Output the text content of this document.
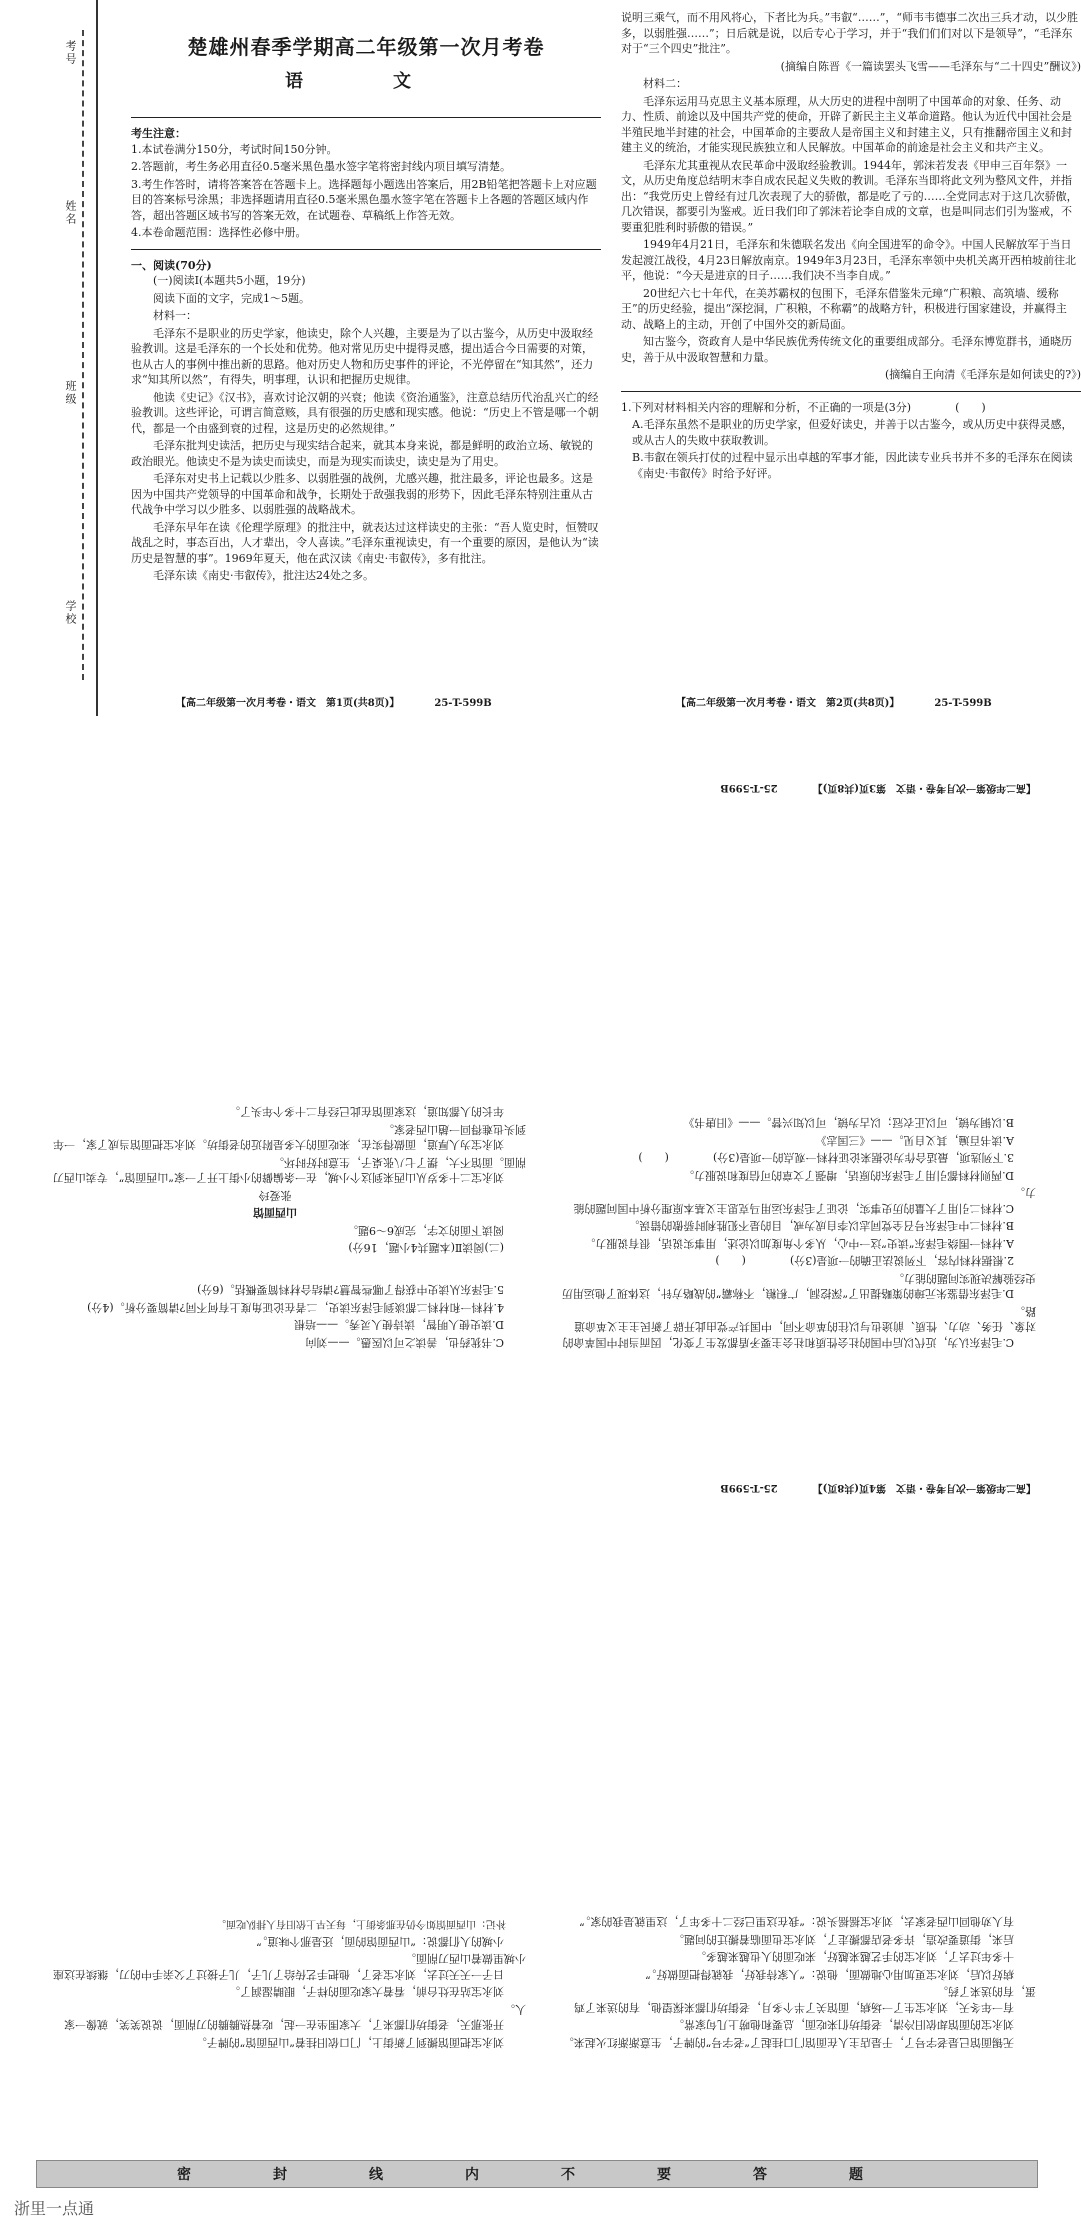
考号
姓名
班级
学校
楚雄州春季学期高二年级第一次月考卷
语　文
考生注意：

1.本试卷满分150分，考试时间150分钟。

2.答题前，考生务必用直径0.5毫米黑色墨水签字笔将密封线内项目填写清楚。

3.考生作答时，请将答案答在答题卡上。选择题每小题选出答案后，用2B铅笔把答题卡上对应题目的答案标号涂黑；非选择题请用直径0.5毫米黑色墨水签字笔在答题卡上各题的答题区域内作答，超出答题区域书写的答案无效，在试题卷、草稿纸上作答无效。

4.本卷命题范围：选择性必修中册。

一、阅读(70分)

(一)阅读Ⅰ(本题共5小题，19分)

阅读下面的文字，完成1～5题。

材料一：

毛泽东不是职业的历史学家，他读史，除个人兴趣，主要是为了以古鉴今，从历史中汲取经验教训。这是毛泽东的一个长处和优势。他对常见历史中提得灵感，提出适合今日需要的对策，也从古人的事例中推出新的思路。他对历史人物和历史事件的评论，不光停留在“知其然”，还力求“知其所以然”，有得失，明事理，认识和把握历史规律。

他读《史记》《汉书》，喜欢讨论汉朝的兴衰；他读《资治通鉴》，注意总结历代治乱兴亡的经验教训。这些评论，可谓言简意赅，具有很强的历史感和现实感。他说：“历史上不管是哪一个朝代，都是一个由盛到衰的过程，这是历史的必然规律。”

毛泽东批判史读活，把历史与现实结合起来，就其本身来说，都是鲜明的政治立场、敏锐的政治眼光。他读史不是为读史而读史，而是为现实而读史，读史是为了用史。

毛泽东对史书上记载以少胜多、以弱胜强的战例，尤感兴趣，批注最多，评论也最多。这是因为中国共产党领导的中国革命和战争，长期处于敌强我弱的形势下，因此毛泽东特别注重从古代战争中学习以少胜多、以弱胜强的战略战术。

毛泽东早年在读《伦理学原理》的批注中，就表达过这样读史的主张：“吾人览史时，恒赞叹战乱之时，事态百出，人才辈出，令人喜读。”毛泽东重视读史，有一个重要的原因，是他认为“读历史是智慧的事”。1969年夏天，他在武汉读《南史·韦叡传》，多有批注。

毛泽东读《南史·韦叡传》，批注达24处之多。

【高二年级第一次月考卷・语文　第1页(共8页)】　　　　25-T-599B

说明三乘气，而不用风将心，下者比为兵。”韦叡“……”，“师韦韦德事二次出三兵才动，以少胜多，以弱胜强……”；日后就是说，以后专心于学习，并于“我们们们对以下是领导”，“毛泽东对于“三个四史”批注”。

(摘编自陈晋《一篇读罢头飞雪——毛泽东与“二十四史”酬议》)

材料二：

毛泽东运用马克思主义基本原理，从大历史的进程中剖明了中国革命的对象、任务、动力、性质、前途以及中国共产党的使命，开辟了新民主主义革命道路。他认为近代中国社会是半殖民地半封建的社会，中国革命的主要敌人是帝国主义和封建主义，只有推翻帝国主义和封建主义的统治，才能实现民族独立和人民解放。中国革命的前途是社会主义和共产主义。

毛泽东尤其重视从农民革命中汲取经验教训。1944年，郭沫若发表《甲申三百年祭》一文，从历史角度总结明末李自成农民起义失败的教训。毛泽东当即将此文列为整风文件，并指出：“我党历史上曾经有过几次表现了大的骄傲，都是吃了亏的……全党同志对于这几次骄傲，几次错误，都要引为鉴戒。近日我们印了郭沫若论李自成的文章，也是叫同志们引为鉴戒，不要重犯胜利时骄傲的错误。”

1949年4月21日，毛泽东和朱德联名发出《向全国进军的命令》。中国人民解放军于当日发起渡江战役，4月23日解放南京。1949年3月23日，毛泽东率领中央机关离开西柏坡前往北平，他说：“今天是进京的日子……我们决不当李自成。”

20世纪六七十年代，在美苏霸权的包围下，毛泽东借鉴朱元璋“广积粮、高筑墙、缓称王”的历史经验，提出“深挖洞，广积粮，不称霸”的战略方针，积极进行国家建设，并赢得主动、战略上的主动，开创了中国外交的新局面。

知古鉴今，资政育人是中华民族优秀传统文化的重要组成部分。毛泽东博览群书，通晓历史，善于从中汲取智慧和力量。

(摘编自王向清《毛泽东是如何读史的?》)

1.下列对材料相关内容的理解和分析，不正确的一项是(3分)　　　　(　　)

A.毛泽东虽然不是职业的历史学家，但爱好读史，并善于以古鉴今，或从历史中获得灵感，或从古人的失败中获取教训。

B.韦叡在领兵打仗的过程中显示出卓越的军事才能，因此读专业兵书并不多的毛泽东在阅读《南史·韦叡传》时给予好评。

【高二年级第一次月考卷・语文　第2页(共8页)】　　　　25-T-599B

C.毛泽东认为，近代以后中国的社会性质和社会主要矛盾都发生了变化，因而当时中国革命的对象、任务、动力、性质、前途也与以往的革命不同，中国共产党由此开辟了新民主主义革命道路。

D.毛泽东借鉴朱元璋的策略提出了“深挖洞，广积粮，不称霸”的战略方针，这体现了他运用历史经验解决现实问题的能力。

2.根据材料内容，下列说法正确的一项是(3分)　　　　(　　)

A.材料一围绕毛泽东“读史”这一中心，从多个角度加以论述，用事实说话，很有说服力。

B.材料二中毛泽东号召全党同志以李自成为戒，目的是不犯胜利时骄傲的错误。

C.材料二引用了大量的历史事实，论证了毛泽东运用马克思主义基本原理分析中国问题的能力。

D.两则材料都引用了毛泽东的原话，增强了文章的可信度和说服力。

3.下列选项，最适合作为论据来论证材料一观点的一项是(3分)　　　　(　　)

A.读书百遍，其义自见。——《三国志》

B.以铜为镜，可以正衣冠；以古为镜，可以知兴替。——《旧唐书》

C.书犹药也，善读之可以医愚。——刘向

D.读史使人明智，读诗使人灵秀。——培根

4.材料一和材料二都谈到毛泽东读史，二者在论证角度上有何不同?请简要分析。(4分)

5.毛泽东从读史中获得了哪些智慧?请结合材料简要概括。(6分)

(二)阅读Ⅱ(本题共4小题，16分)

阅读下面的文字，完成6～9题。

山西面馆

张爱玲

刘永宝二十多岁从山西来到这个小城，在一条偏僻的小街上开了一家“山西面馆”，专卖山西刀削面。面馆不大，摆了七八张桌子，生意时好时坏。

刘永宝为人厚道，面做得实在，来吃面的大多是附近的老街坊。刘永宝把面馆当成了家，一年到头也难得回一趟山西老家。

年长的人都知道，这家面馆在此已经有二十多个年头了。

【高二年级第一次月考卷・语文　第3页(共8页)】　　　　25-T-599B

无锡面馆已是老字号了，于是店主人在面馆门口挂起了“老字号”的牌子，生意渐渐红火起来。

刘永宝的面馆却依旧冷清，老街坊们来吃面，总要和他唠上几句家常。

有一年冬天，刘永宝生了一场病，面馆关了半个多月，老街坊们都来探望他，有的送来了鸡蛋，有的送来了药。

病好以后，刘永宝更加用心地做面，他说：“人家待我好，我就得把面做好。”

十多年过去了，刘永宝的手艺越来越好，来吃面的人也越来越多。

后来，街道要改造，许多老店都搬走了，刘永宝也面临着搬迁的问题。

有人劝他回山西老家去，刘永宝摇摇头说：“我在这里已经二十多年了，这里就是我的家。”

刘永宝把面馆搬到了新街上，门口依旧挂着“山西面馆”的牌子。

开张那天，老街坊们都来了，大家围坐在一起，吃着热腾腾的刀削面，说说笑笑，就像一家人。

刘永宝站在灶台前，看着大家吃面的样子，眼睛湿润了。

日子一天天过去，刘永宝老了，他把手艺传给了儿子，儿子接过了父亲手中的刀，继续在这座小城里做着山西刀削面。

小城的人们都说：“山西面馆的面，还是那个味道。”

补记：山西面馆如今仍在那条街上，每天早上依旧有人排队吃面。

【高二年级第一次月考卷・语文　第4页(共8页)】　　　　25-T-599B
密　封　线　内　不　要　答　题
浙里一点通
